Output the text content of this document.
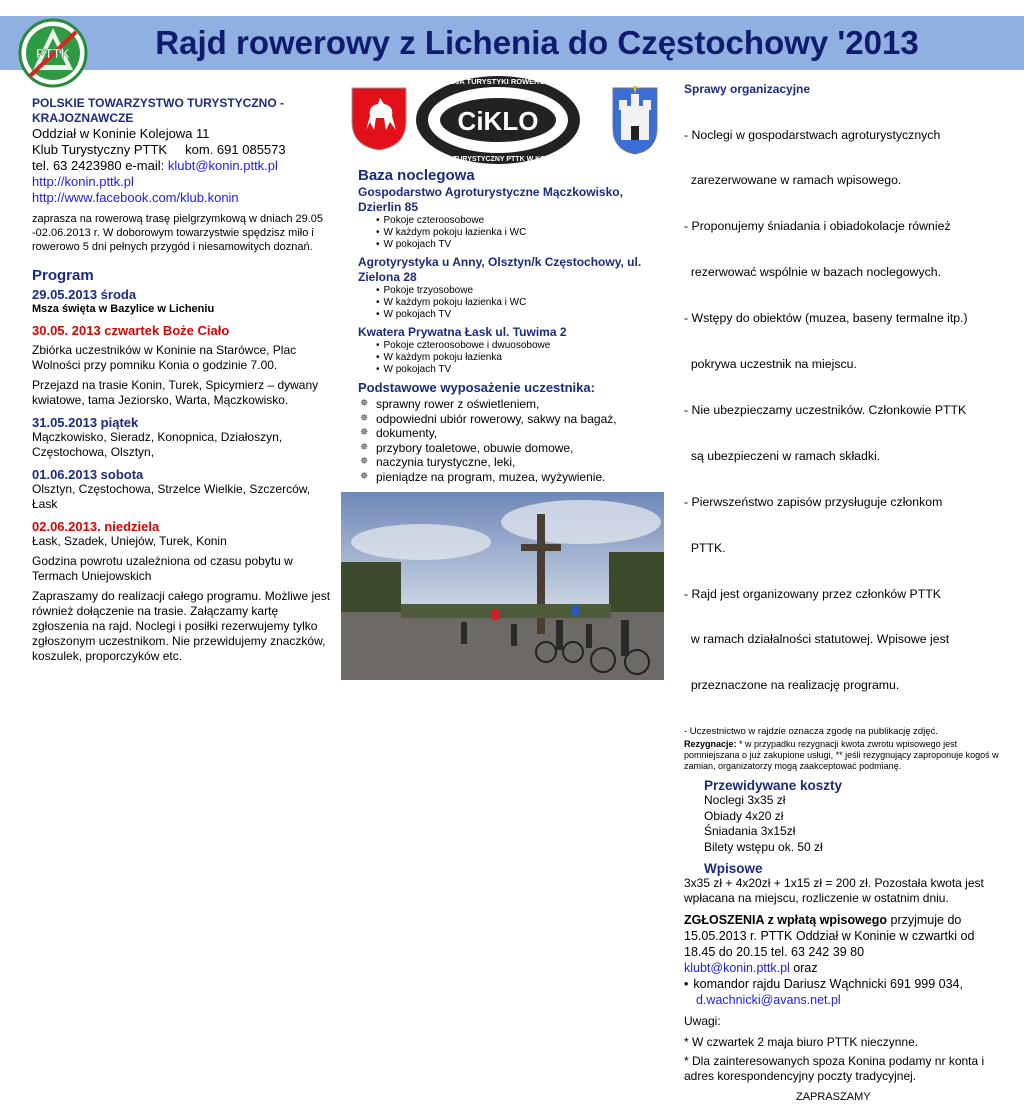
Rajd rowerowy z Lichenia do Częstochowy '2013
PTTK

POLSKIE TOWARZYSTWO TURYSTYCZNO - KRAJOZNAWCZE

Oddział w Koninie Kolejowa 11

Klub Turystyczny PTTK     kom. 691 085573

tel. 63 2423980 e-mail: klubt@konin.pttk.pl

http://konin.pttk.pl

http://www.facebook.com/klub.konin

zaprasza na rowerową trasę pielgrzymkową w dniach 29.05 -02.06.2013 r. W doborowym towarzystwie spędzisz miło i rowerowo 5 dni pełnych przygód i niesamowitych doznań.

Program

29.05.2013 środa

Msza święta w Bazylice w Licheniu

30.05. 2013 czwartek Boże Ciało

Zbiórka uczestników w Koninie na Starówce, Plac Wolności przy pomniku Konia o godzinie 7.00.

Przejazd na trasie Konin, Turek, Spicymierz – dywany kwiatowe, tama Jeziorsko, Warta, Mączkowisko.

31.05.2013 piątek

Mączkowisko, Sieradz, Konopnica, Działoszyn, Częstochowa, Olsztyn,

01.06.2013 sobota

Olsztyn, Częstochowa, Strzelce Wielkie, Szczerców, Łask

02.06.2013. niedziela

Łask, Szadek, Uniejów, Turek, Konin

Godzina powrotu uzależniona od czasu pobytu w Termach Uniejowskich

Zapraszamy do realizacji całego programu. Możliwe jest również dołączenie na trasie. Załączamy kartę zgłoszenia na rajd. Noclegi i posiłki rezerwujemy tylko zgłoszonym uczestnikom. Nie przewidujemy znaczków, koszulek, proporczyków etc.

CiKLO
SEKCJA TURYSTYKI ROWEROWEJ
KLUB TURYSTYCZNY PTTK W KONINIE

Baza noclegowa

Gospodarstwo Agroturystyczne Mączkowisko, Dzierlin 85

• Pokoje czteroosobowe
• W każdym pokoju łazienka i WC
• W pokojach TV

Agrotyrystyka u Anny, Olsztyn/k Częstochowy, ul. Zielona 28

• Pokoje trzyosobowe
• W każdym pokoju łazienka i WC
• W pokojach TV

Kwatera Prywatna Łask ul. Tuwima 2

• Pokoje czteroosobowe i dwuosobowe
• W każdym pokoju łazienka
• W pokojach TV

Podstawowe wyposażenie uczestnika:

✵ sprawny rower z oświetleniem,
✵ odpowiedni ubiór rowerowy, sakwy na bagaż,
✵ dokumenty,
✵ przybory toaletowe, obuwie domowe,
✵ naczynia turystyczne, leki,
✵ pieniądze na program, muzea, wyżywienie.

Sprawy organizacyjne

- Noclegi w gospodarstwach agroturystycznych

zarezerwowane w ramach wpisowego.

- Proponujemy śniadania i obiadokolacje również

rezerwować wspólnie w bazach noclegowych.

- Wstępy do obiektów (muzea, baseny termalne itp.)

pokrywa uczestnik na miejscu.

- Nie ubezpieczamy uczestników. Członkowie PTTK

są ubezpieczeni w ramach składki.

- Pierwszeństwo zapisów przysługuje członkom

PTTK.

- Rajd jest organizowany przez członków PTTK

w ramach działalności statutowej. Wpisowe jest

przeznaczone na realizację programu.

- Uczestnictwo w rajdzie oznacza zgodę na publikację zdjęć.

Rezygnacje: * w przypadku rezygnacji kwota zwrotu wpisowego jest pomniejszana o już zakupione usługi, ** jeśli rezygnujący zaproponuje kogoś w zamian, organizatorzy mogą zaakceptować podmianę.

Przewidywane koszty

Noclegi 3x35 zł
Obiady 4x20 zł
Śniadania 3x15zł
Bilety wstępu ok. 50 zł

Wpisowe

3x35 zł + 4x20zł + 1x15 zł = 200 zł. Pozostała kwota jest wpłacana na miejscu, rozliczenie w ostatnim dniu.

ZGŁOSZENIA z wpłatą wpisowego przyjmuje do 15.05.2013 r. PTTK Oddział w Koninie w czwartki od 18.45 do 20.15 tel. 63 242 39 80

klubt@konin.pttk.pl oraz

• komandor rajdu Dariusz Wąchnicki 691 999 034,

d.wachnicki@avans.net.pl

Uwagi:

* W czwartek 2 maja biuro PTTK nieczynne.

* Dla zainteresowanych spoza Konina podamy nr konta i adres korespondencyjny poczty tradycyjnej.

ZAPRASZAMY
